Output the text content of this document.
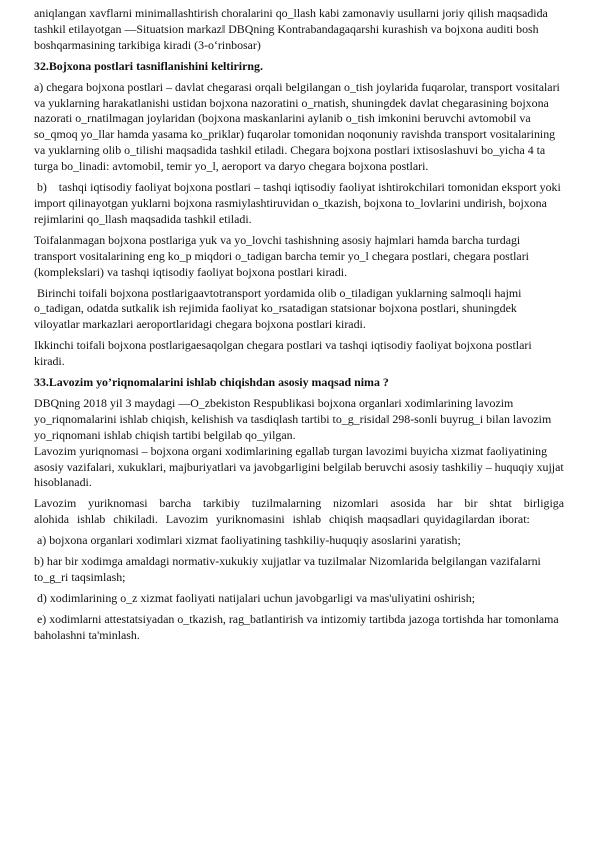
aniqlangan xavflarni minimallashtirish choralarini qo_llash kabi zamonaviy usullarni joriy qilish maqsadida tashkil etilayotgan ―Situatsion markaz‖ DBQning Kontrabandagaqarshi kurashish va bojxona auditi bosh boshqarmasining tarkibiga kiradi (3-o‘rinbosar)

32.Bojxona postlari tasniflanishini keltirirng.

a) chegara bojxona postlari – davlat chegarasi orqali belgilangan o_tish joylarida fuqarolar, transport vositalari va yuklarning harakatlanishi ustidan bojxona nazoratini o_rnatish, shuningdek davlat chegarasining bojxona nazorati o_rnatilmagan joylaridan (bojxona maskanlarini aylanib o_tish imkonini beruvchi avtomobil va so_qmoq yo_llar hamda yasama ko_priklar) fuqarolar tomonidan noqonuniy ravishda transport vositalarining va yuklarning olib o_tilishi maqsadida tashkil etiladi. Chegara bojxona postlari ixtisoslashuvi bo_yicha 4 ta turga bo_linadi: avtomobil, temir yo_l, aeroport va daryo chegara bojxona postlari.

b)    tashqi iqtisodiy faoliyat bojxona postlari – tashqi iqtisodiy faoliyat ishtirokchilari tomonidan eksport yoki import qilinayotgan yuklarni bojxona rasmiylashtiruvidan o_tkazish, bojxona to_lovlarini undirish, bojxona rejimlarini qo_llash maqsadida tashkil etiladi.

Toifalanmagan bojxona postlariga yuk va yo_lovchi tashishning asosiy hajmlari hamda barcha turdagi transport vositalarining eng ko_p miqdori o_tadigan barcha temir yo_l chegara postlari, chegara postlari (komplekslari) va tashqi iqtisodiy faoliyat bojxona postlari kiradi.

Birinchi toifali bojxona postlarigaavtotransport yordamida olib o_tiladigan yuklarning salmoqli hajmi o_tadigan, odatda sutkalik ish rejimida faoliyat ko_rsatadigan statsionar bojxona postlari, shuningdek viloyatlar markazlari aeroportlaridagi chegara bojxona postlari kiradi.

Ikkinchi toifali bojxona postlarigaesaqolgan chegara postlari va tashqi iqtisodiy faoliyat bojxona postlari kiradi.

33.Lavozim yo’riqnomalarini ishlab chiqishdan asosiy maqsad nima ?

DBQning 2018 yil 3 maydagi ―O_zbekiston Respublikasi bojxona organlari xodimlarining lavozim yo_riqnomalarini ishlab chiqish, kelishish va tasdiqlash tartibi to_g_risida‖ 298-sonli buyrug_i bilan lavozim yo_riqnomani ishlab chiqish tartibi belgilab qo_yilgan.

Lavozim yuriqnomasi – bojxona organi xodimlarining egallab turgan lavozimi buyicha xizmat faoliyatining asosiy vazifalari, xukuklari, majburiyatlari va javobgarligini belgilab beruvchi asosiy tashkiliy – huquqiy xujjat hisoblanadi.

Lavozim  yuriknomasi  barcha  tarkibiy  tuzilmalarning  nizomlari  asosida  har  bir  shtat  birligiga  alohida  ishlab  chikiladi.  Lavozim  yuriknomasini  ishlab  chiqish maqsadlari quyidagilardan iborat:

a) bojxona organlari xodimlari xizmat faoliyatining tashkiliy-huquqiy asoslarini yaratish;

b) har bir xodimga amaldagi normativ-xukukiy xujjatlar va tuzilmalar Nizomlarida belgilangan vazifalarni to_g_ri taqsimlash;

d) xodimlarining o_z xizmat faoliyati natijalari uchun javobgarligi va mas'uliyatini oshirish;

e) xodimlarni attestatsiyadan o_tkazish, rag_batlantirish va intizomiy tartibda jazoga tortishda har tomonlama baholashni ta'minlash.
